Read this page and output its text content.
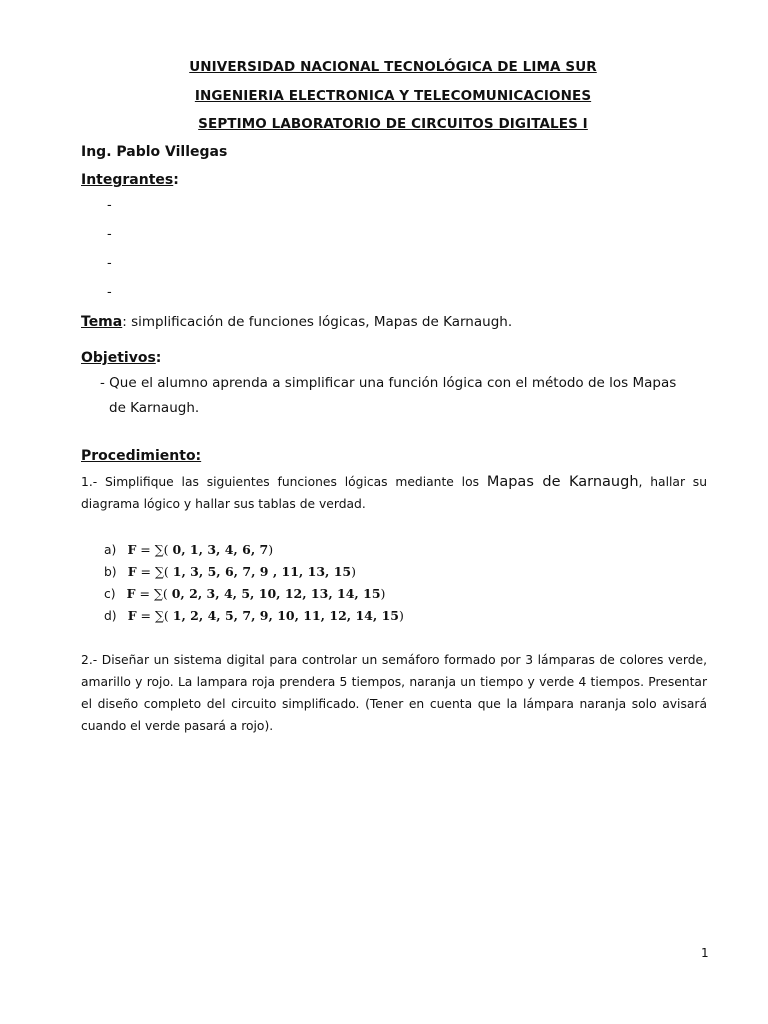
UNIVERSIDAD NACIONAL TECNOLÓGICA DE LIMA SUR
INGENIERIA ELECTRONICA Y TELECOMUNICACIONES
SEPTIMO LABORATORIO DE CIRCUITOS DIGITALES I
Ing. Pablo Villegas
Integrantes:
-
-
-
-
Tema: simplificación de funciones lógicas, Mapas de Karnaugh.
Objetivos:
- Que el alumno aprenda a simplificar una función lógica con el método de los Mapas
de Karnaugh.
Procedimiento:
1.- Simplifique las siguientes funciones lógicas mediante los Mapas de Karnaugh, hallar su diagrama lógico y hallar sus tablas de verdad.
a) F = ∑( 0, 1, 3, 4, 6, 7)
b) F = ∑( 1, 3, 5, 6, 7, 9 , 11, 13, 15)
c) F = ∑( 0, 2, 3, 4, 5, 10, 12, 13, 14, 15)
d) F = ∑( 1, 2, 4, 5, 7, 9, 10, 11, 12, 14, 15)
2.- Diseñar un sistema digital para controlar un semáforo formado por 3 lámparas de colores verde, amarillo y rojo. La lampara roja prendera 5 tiempos, naranja un tiempo y verde 4 tiempos. Presentar el diseño completo del circuito simplificado. (Tener en cuenta que la lámpara naranja solo avisará cuando el verde pasará a rojo).
1
